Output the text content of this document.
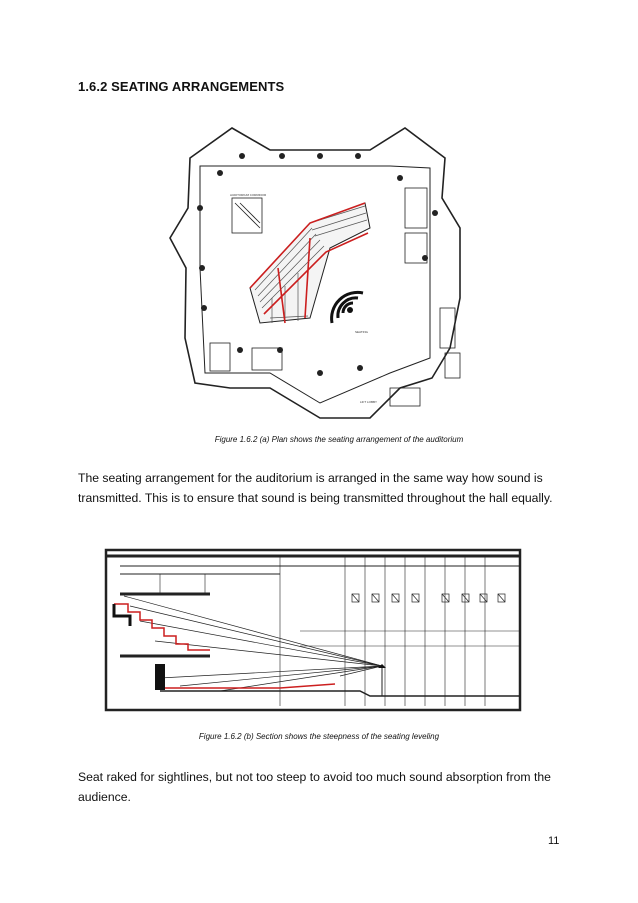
1.6.2 SEATING ARRANGEMENTS
AUDITORIUM CORRIDOR
SEATING
LIFT LOBBY
Figure 1.6.2 (a) Plan shows the seating arrangement of the auditorium
The seating arrangement for the auditorium is arranged in the same way how sound is transmitted. This is to ensure that sound is being transmitted throughout the hall equally.
Figure 1.6.2 (b) Section shows the steepness of the seating leveling
Seat raked for sightlines, but not too steep to avoid too much sound absorption from the audience.
11
